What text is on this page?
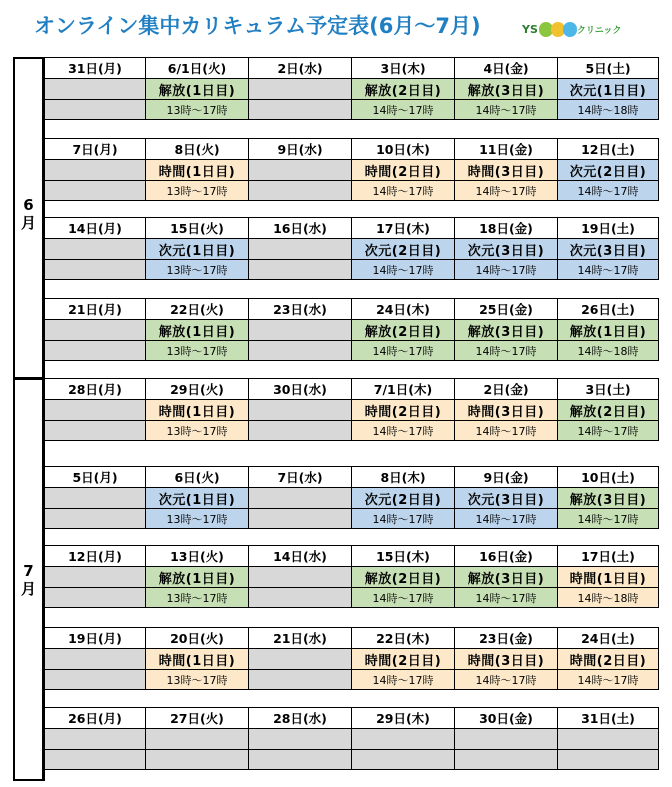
オンライン集中カリキュラム予定表(6月～7月)	YS	クリニック
6
月
7
月
31日(月)	6/1日(火)	2日(水)	3日(木)	4日(金)	5日(土)
	解放(1日目)		解放(2日目)	解放(3日目)	次元(1日目)
	13時～17時		14時～17時	14時～17時	14時～18時
7日(月)	8日(火)	9日(水)	10日(木)	11日(金)	12日(土)
	時間(1日目)		時間(2日目)	時間(3日目)	次元(2日目)
	13時～17時		14時～17時	14時～17時	14時～17時
14日(月)	15日(火)	16日(水)	17日(木)	18日(金)	19日(土)
	次元(1日目)		次元(2日目)	次元(3日目)	次元(3日目)
	13時～17時		14時～17時	14時～17時	14時～17時
21日(月)	22日(火)	23日(水)	24日(木)	25日(金)	26日(土)
	解放(1日目)		解放(2日目)	解放(3日目)	解放(1日目)
	13時～17時		14時～17時	14時～17時	14時～18時
28日(月)	29日(火)	30日(水)	7/1日(木)	2日(金)	3日(土)
	時間(1日目)		時間(2日目)	時間(3日目)	解放(2日目)
	13時～17時		14時～17時	14時～17時	14時～17時
5日(月)	6日(火)	7日(水)	8日(木)	9日(金)	10日(土)
	次元(1日目)		次元(2日目)	次元(3日目)	解放(3日目)
	13時～17時		14時～17時	14時～17時	14時～17時
12日(月)	13日(火)	14日(水)	15日(木)	16日(金)	17日(土)
	解放(1日目)		解放(2日目)	解放(3日目)	時間(1日目)
	13時～17時		14時～17時	14時～17時	14時～18時
19日(月)	20日(火)	21日(水)	22日(木)	23日(金)	24日(土)
	時間(1日目)		時間(2日目)	時間(3日目)	時間(2日目)
	13時～17時		14時～17時	14時～17時	14時～17時
26日(月)	27日(火)	28日(水)	29日(木)	30日(金)	31日(土)
